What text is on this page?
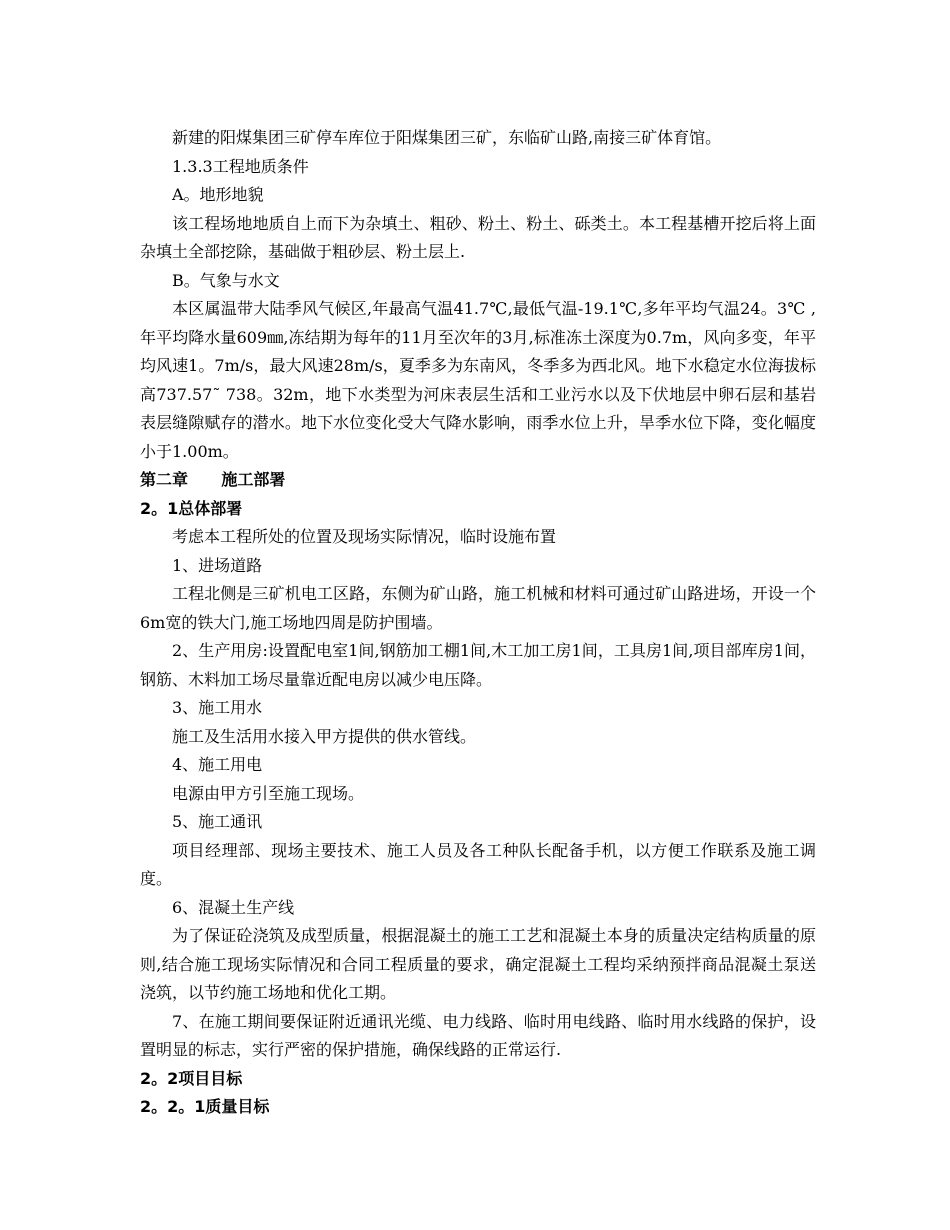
新建的阳煤集团三矿停车库位于阳煤集团三矿，东临矿山路,南接三矿体育馆。

1.3.3工程地质条件

A。地形地貌

该工程场地地质自上而下为杂填土、粗砂、粉土、粉土、砾类土。本工程基槽开挖后将上面杂填土全部挖除，基础做于粗砂层、粉土层上.

B。气象与水文

本区属温带大陆季风气候区,年最高气温41.7℃,最低气温-19.1℃,多年平均气温24。3℃ ,年平均降水量609㎜,冻结期为每年的11月至次年的3月,标准冻土深度为0.7m，风向多变，年平均风速1。7m/s，最大风速28m/s，夏季多为东南风，冬季多为西北风。地下水稳定水位海拔标高737.57˜ 738。32m，地下水类型为河床表层生活和工业污水以及下伏地层中卵石层和基岩表层缝隙赋存的潜水。地下水位变化受大气降水影响，雨季水位上升，旱季水位下降，变化幅度小于1.00m。

第二章      施工部署

2。1总体部署

考虑本工程所处的位置及现场实际情况，临时设施布置

1、进场道路

工程北侧是三矿机电工区路，东侧为矿山路，施工机械和材料可通过矿山路进场，开设一个6m宽的铁大门,施工场地四周是防护围墙。

2、生产用房:设置配电室1间,钢筋加工棚1间,木工加工房1间，工具房1间,项目部库房1间，钢筋、木料加工场尽量靠近配电房以减少电压降。

3、施工用水

施工及生活用水接入甲方提供的供水管线。

4、施工用电

电源由甲方引至施工现场。

5、施工通讯

项目经理部、现场主要技术、施工人员及各工种队长配备手机，以方便工作联系及施工调度。

6、混凝土生产线

为了保证砼浇筑及成型质量，根据混凝土的施工工艺和混凝土本身的质量决定结构质量的原则,结合施工现场实际情况和合同工程质量的要求，确定混凝土工程均采纳预拌商品混凝土泵送浇筑，以节约施工场地和优化工期。

7、在施工期间要保证附近通讯光缆、电力线路、临时用电线路、临时用水线路的保护，设置明显的标志，实行严密的保护措施，确保线路的正常运行.

2。2项目目标

2。2。1质量目标
